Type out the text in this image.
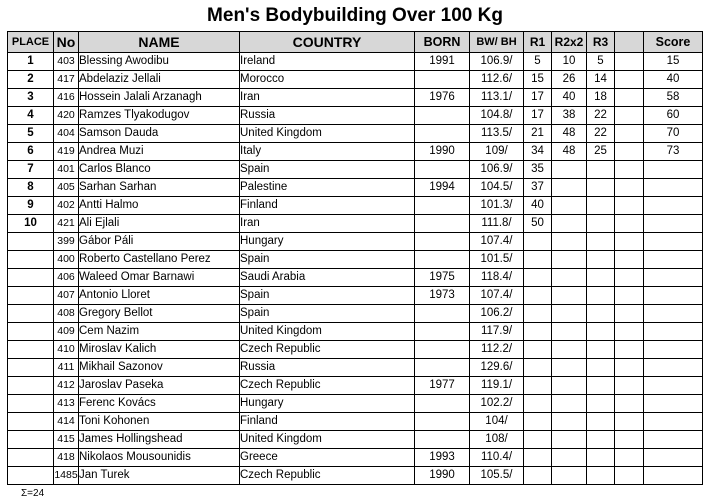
Men's Bodybuilding Over 100 Kg
PLACE	No	NAME	COUNTRY	BORN	BW/ BH	R1	R2x2	R3		Score
1	403	Blessing Awodibu	Ireland	1991	106.9/	5	10	5		15
2	417	Abdelaziz Jellali	Morocco		112.6/	15	26	14		40
3	416	Hossein Jalali Arzanagh	Iran	1976	113.1/	17	40	18		58
4	420	Ramzes Tlyakodugov	Russia		104.8/	17	38	22		60
5	404	Samson Dauda	United Kingdom		113.5/	21	48	22		70
6	419	Andrea Muzi	Italy	1990	109/	34	48	25		73
7	401	Carlos Blanco	Spain		106.9/	35				
8	405	Sarhan Sarhan	Palestine	1994	104.5/	37				
9	402	Antti Halmo	Finland		101.3/	40				
10	421	Ali Ejlali	Iran		111.8/	50				
	399	Gábor Páli	Hungary		107.4/					
	400	Roberto Castellano Perez	Spain		101.5/					
	406	Waleed Omar Barnawi	Saudi Arabia	1975	118.4/					
	407	Antonio Lloret	Spain	1973	107.4/					
	408	Gregory Bellot	Spain		106.2/					
	409	Cem Nazim	United Kingdom		117.9/					
	410	Miroslav Kalich	Czech Republic		112.2/					
	411	Mikhail Sazonov	Russia		129.6/					
	412	Jaroslav Paseka	Czech Republic	1977	119.1/					
	413	Ferenc Kovács	Hungary		102.2/					
	414	Toni Kohonen	Finland		104/					
	415	James Hollingshead	United Kingdom		108/					
	418	Nikolaos Mousounidis	Greece	1993	110.4/					
	1485	Jan Turek	Czech Republic	1990	105.5/					
Σ=24
